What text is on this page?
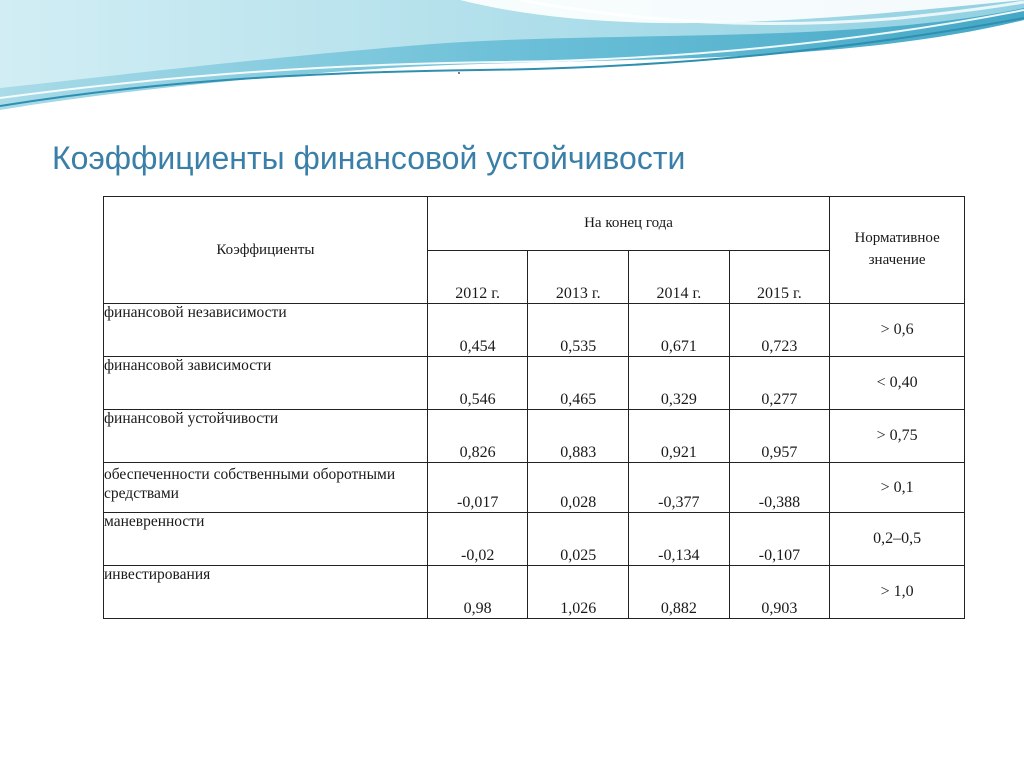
Коэффициенты финансовой устойчивости
Коэффициенты	На конец года				Нормативное
значение

	2012 г.	2013 г.	2014 г.	2015 г.	
финансовой независимости	0,454	0,535	0,671	0,723	> 0,6
финансовой зависимости	0,546	0,465	0,329	0,277	< 0,40
финансовой устойчивости	0,826	0,883	0,921	0,957	> 0,75
обеспеченности собственными оборотными средствами	-0,017	0,028	-0,377	-0,388	> 0,1
маневренности	-0,02	0,025	-0,134	-0,107	0,2–0,5
инвестирования	0,98	1,026	0,882	0,903	> 1,0
